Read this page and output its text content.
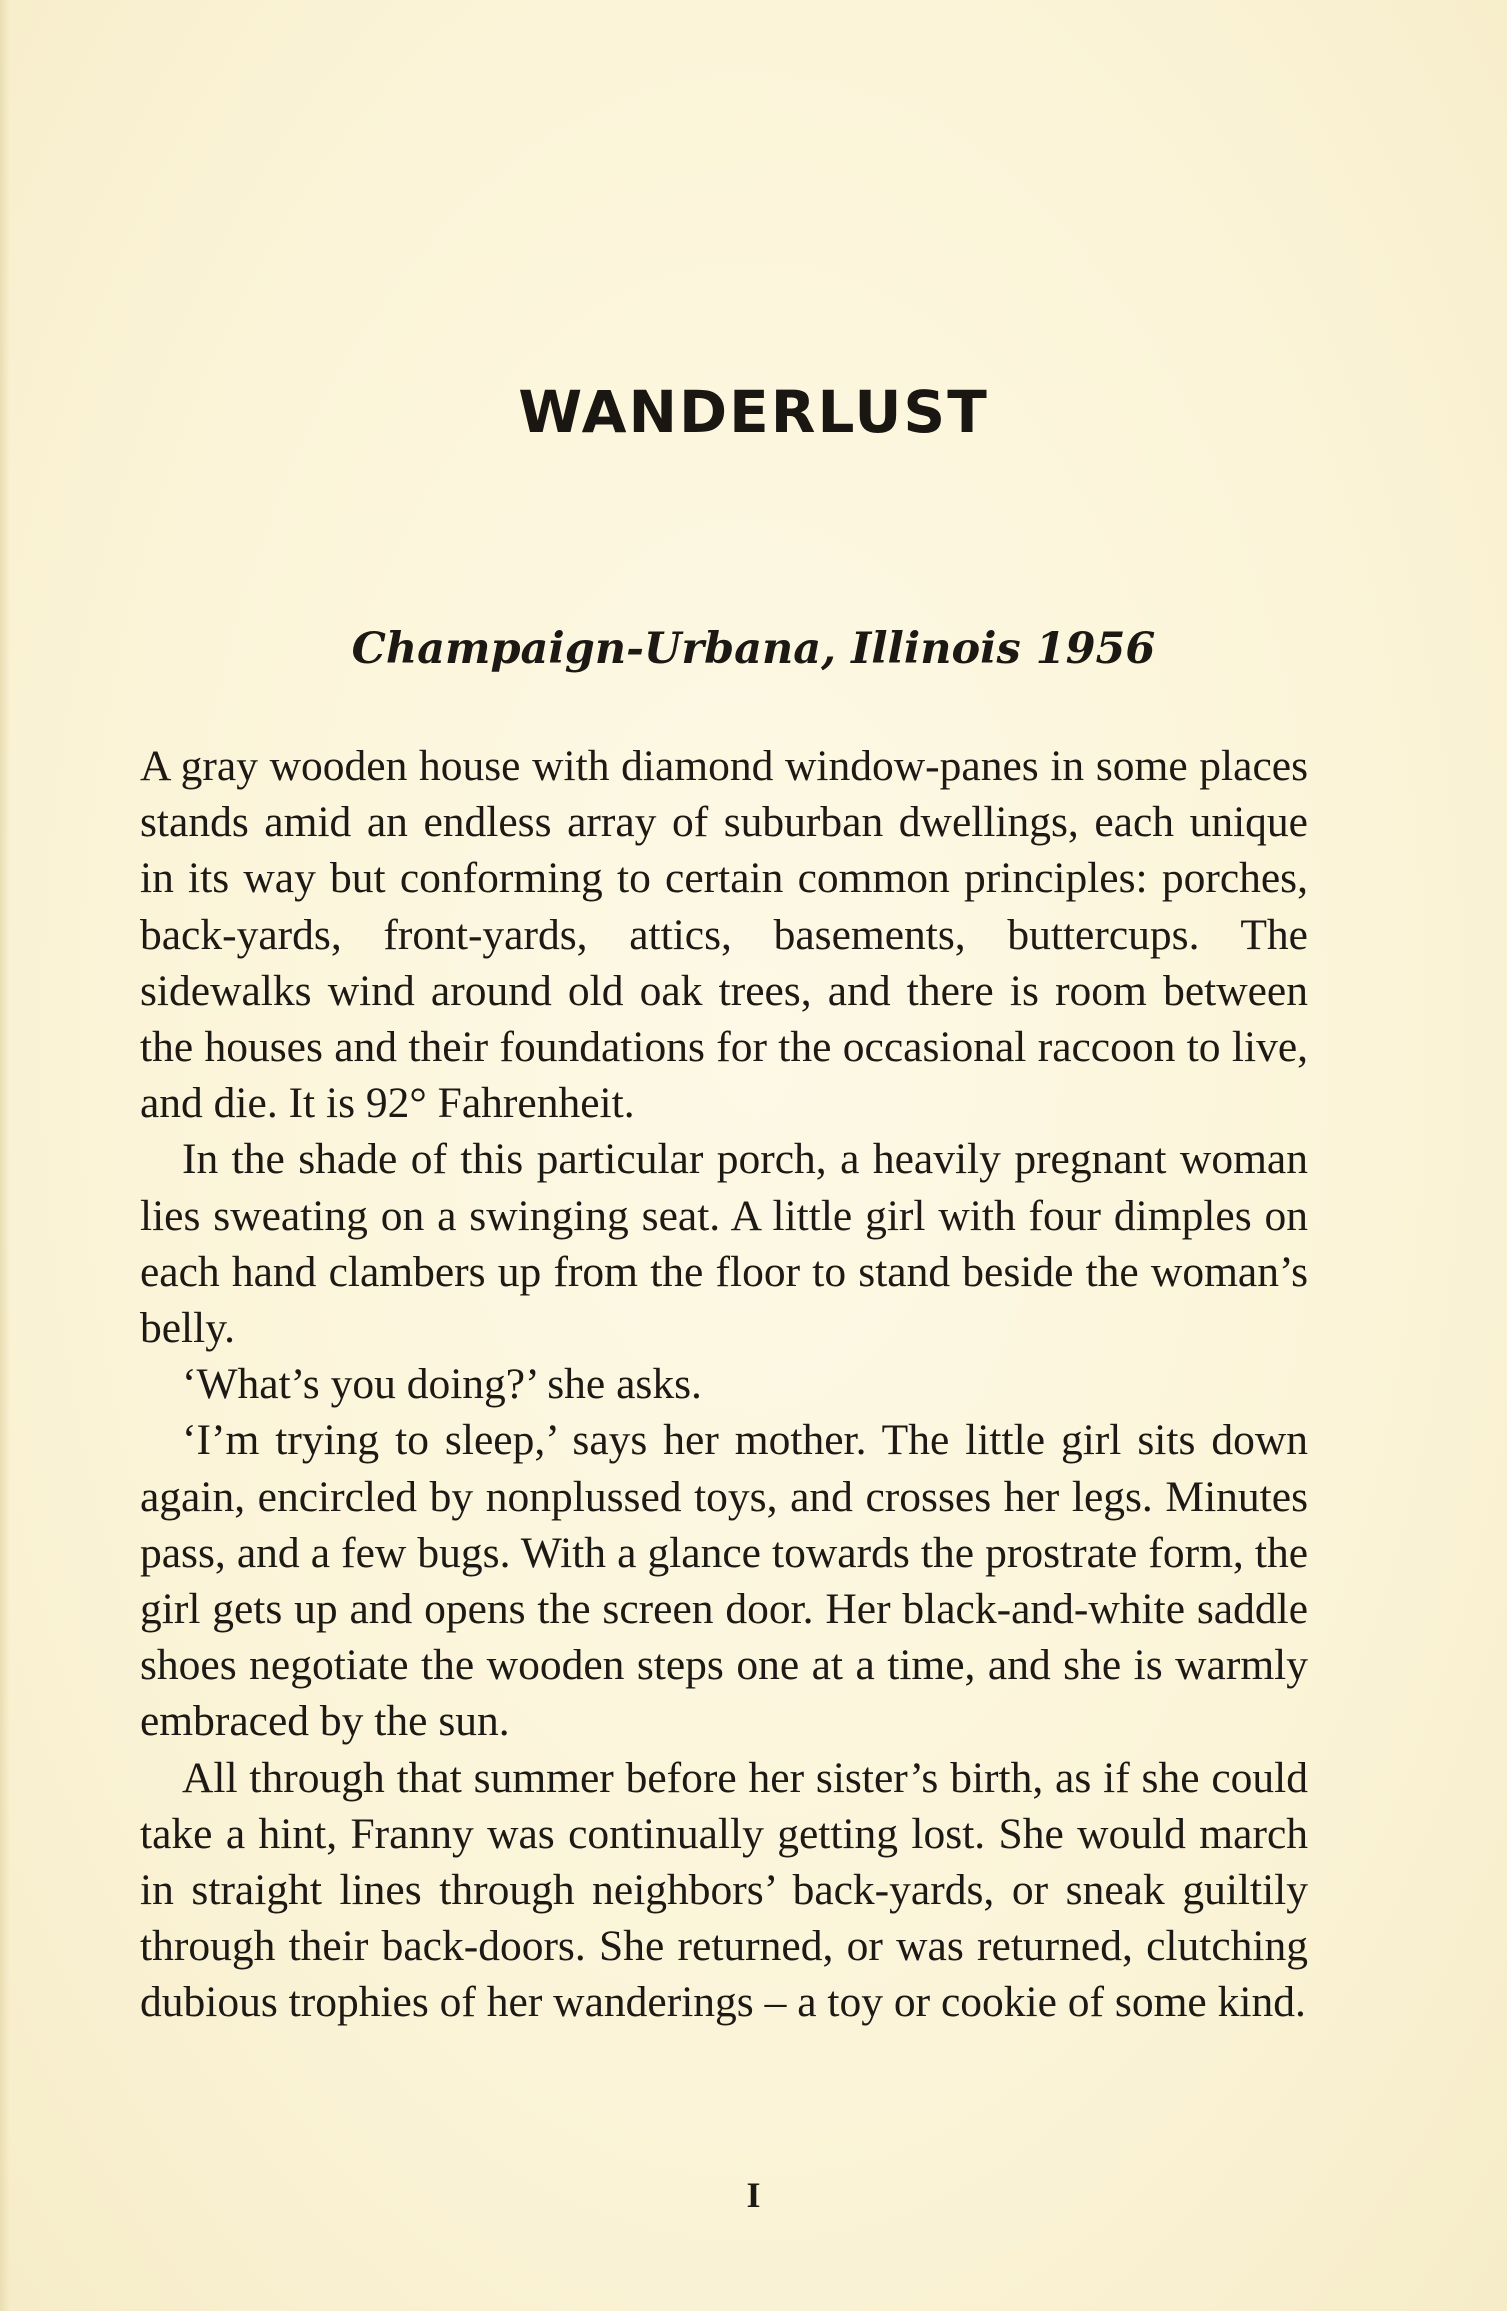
WANDERLUST
Champaign-Urbana, Illinois 1956

A gray wooden house with diamond window-panes in some places stands amid an endless array of suburban dwellings, each unique in its way but conforming to certain common principles: porches, back-yards, front-yards, attics, basements, buttercups. The sidewalks wind around old oak trees, and there is room between the houses and their foundations for the occasional raccoon to live, and die. It is 92° Fahrenheit.

In the shade of this particular porch, a heavily pregnant woman lies sweating on a swinging seat. A little girl with four dimples on each hand clambers up from the floor to stand beside the woman’s belly.

‘What’s you doing?’ she asks.

‘I’m trying to sleep,’ says her mother. The little girl sits down again, encircled by nonplussed toys, and crosses her legs. Minutes pass, and a few bugs. With a glance towards the prostrate form, the girl gets up and opens the screen door. Her black-and-white saddle shoes negotiate the wooden steps one at a time, and she is warmly embraced by the sun.

All through that summer before her sister’s birth, as if she could take a hint, Franny was continually getting lost. She would march in straight lines through neighbors’ back-yards, or sneak guiltily through their back-doors. She returned, or was returned, clutching dubious trophies of her wanderings – a toy or cookie of some kind.

I
